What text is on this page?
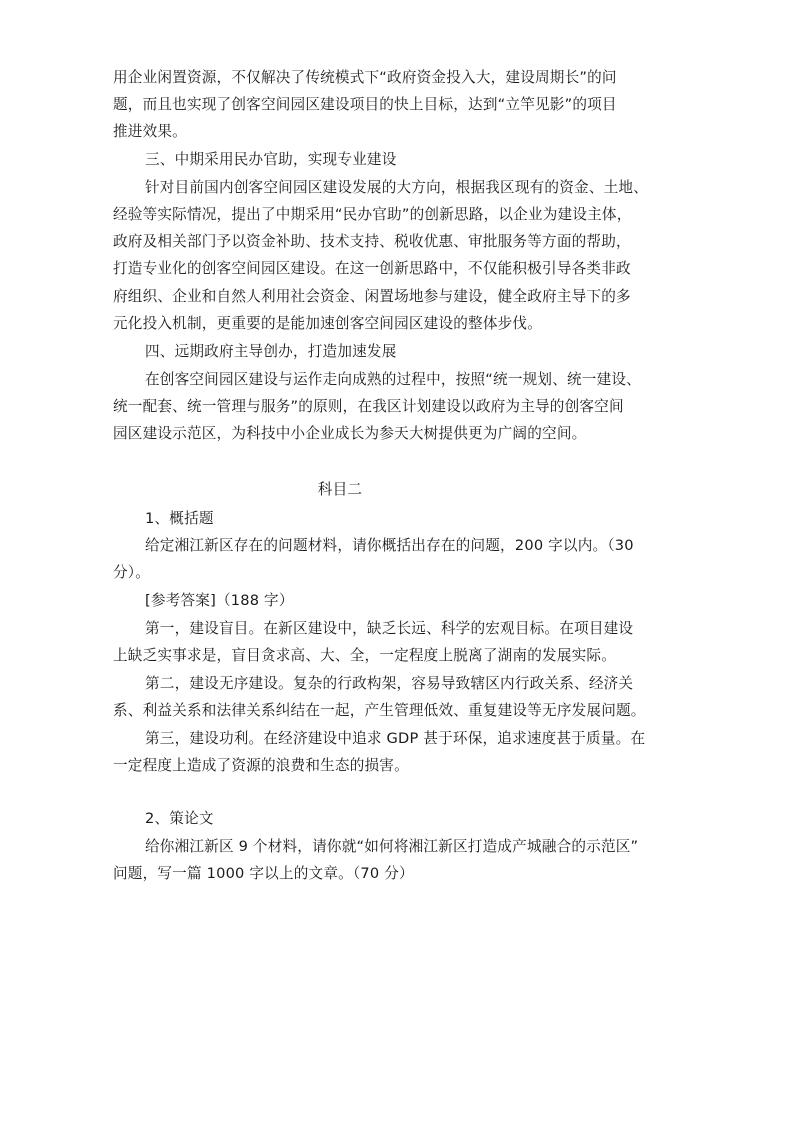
用企业闲置资源，不仅解决了传统模式下“政府资金投入大，建设周期长”的问
题，而且也实现了创客空间园区建设项目的快上目标，达到“立竿见影”的项目
推进效果。
三、中期采用民办官助，实现专业建设
针对目前国内创客空间园区建设发展的大方向，根据我区现有的资金、土地、
经验等实际情况，提出了中期采用“民办官助”的创新思路，以企业为建设主体，
政府及相关部门予以资金补助、技术支持、税收优惠、审批服务等方面的帮助，
打造专业化的创客空间园区建设。在这一创新思路中，不仅能积极引导各类非政
府组织、企业和自然人利用社会资金、闲置场地参与建设，健全政府主导下的多
元化投入机制，更重要的是能加速创客空间园区建设的整体步伐。
四、远期政府主导创办，打造加速发展
在创客空间园区建设与运作走向成熟的过程中，按照“统一规划、统一建设、
统一配套、统一管理与服务”的原则，在我区计划建设以政府为主导的创客空间
园区建设示范区，为科技中小企业成长为参天大树提供更为广阔的空间。
科目二
1、概括题
给定湘江新区存在的问题材料，请你概括出存在的问题，200 字以内。（30
分）。
[参考答案]（188 字）
第一，建设盲目。在新区建设中，缺乏长远、科学的宏观目标。在项目建设
上缺乏实事求是，盲目贪求高、大、全，一定程度上脱离了湖南的发展实际。
第二，建设无序建设。复杂的行政构架，容易导致辖区内行政关系、经济关
系、利益关系和法律关系纠结在一起，产生管理低效、重复建设等无序发展问题。
第三，建设功利。在经济建设中追求 GDP 甚于环保，追求速度甚于质量。在
一定程度上造成了资源的浪费和生态的损害。
2、策论文
给你湘江新区 9 个材料，请你就“如何将湘江新区打造成产城融合的示范区”
问题，写一篇 1000 字以上的文章。（70 分）
